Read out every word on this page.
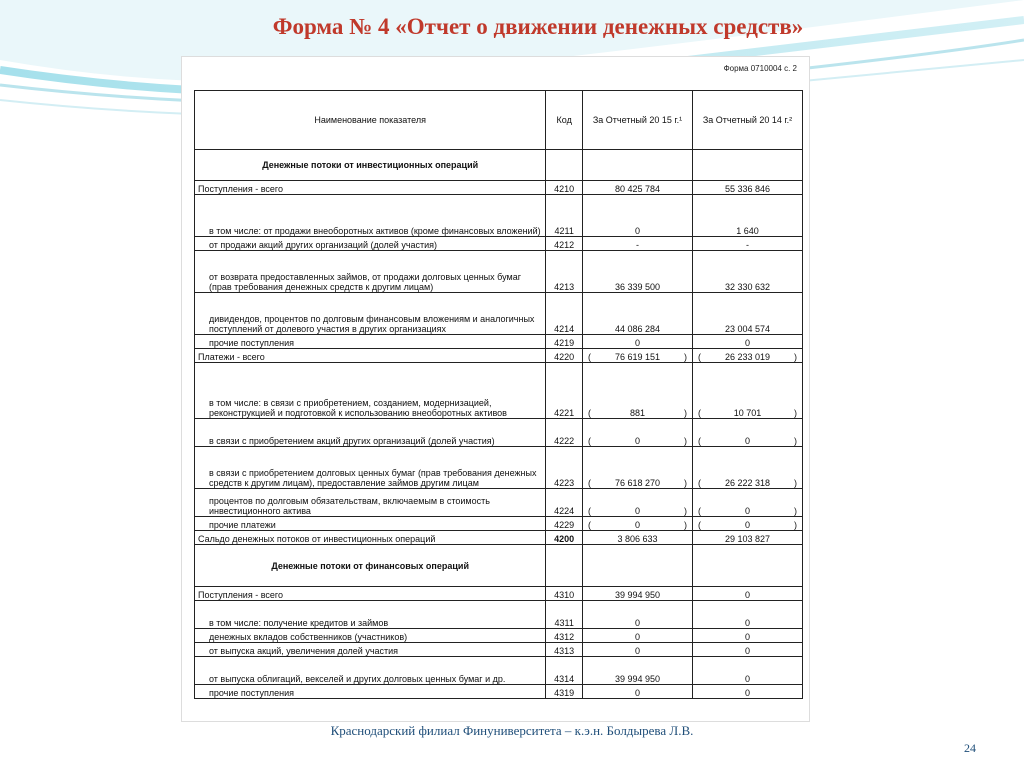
Форма № 4 «Отчет о движении денежных средств»
Форма 0710004 с. 2
Наименование показателя	Код	За Отчетный 20 15 г.¹	За Отчетный 20 14 г.²
Денежные потоки от инвестиционных операций			
Поступления - всего	4210	80 425 784	55 336 846
в том числе: от продажи внеоборотных активов (кроме финансовых вложений)	4211	0	1 640
от продажи акций других организаций (долей участия)	4212	-	-
от возврата предоставленных займов, от продажи долговых ценных бумаг (прав требования денежных средств к другим лицам)	4213	36 339 500	32 330 632
дивидендов, процентов по долговым финансовым вложениям и аналогичных поступлений от долевого участия в других организациях	4214	44 086 284	23 004 574
прочие поступления	4219	0	0
Платежи - всего	4220	(	76 619 151	)	(	26 233 019	)

в том числе: в связи с приобретением, созданием, модернизацией, реконструкцией и подготовкой к использованию внеоборотных активов	4221	(	881	)	(	10 701	)

в связи с приобретением акций других организаций (долей участия)	4222	(	0	)	(	0	)

в связи с приобретением долговых ценных бумаг (прав требования денежных средств к другим лицам), предоставление займов другим лицам	4223	(	76 618 270	)	(	26 222 318	)

процентов по долговым обязательствам, включаемым в стоимость инвестиционного актива	4224	(	0	)	(	0	)

прочие платежи	4229	(	0	)	(	0	)

Сальдо денежных потоков от инвестиционных операций	4200	3 806 633	29 103 827
Денежные потоки от финансовых операций			
Поступления - всего	4310	39 994 950	0
в том числе: получение кредитов и займов	4311	0	0
денежных вкладов собственников (участников)	4312	0	0
от выпуска акций, увеличения долей участия	4313	0	0
от выпуска облигаций, векселей и других долговых ценных бумаг и др.	4314	39 994 950	0
прочие поступления	4319	0	0
Краснодарский филиал Финуниверситета – к.э.н. Болдырева Л.В.
24
